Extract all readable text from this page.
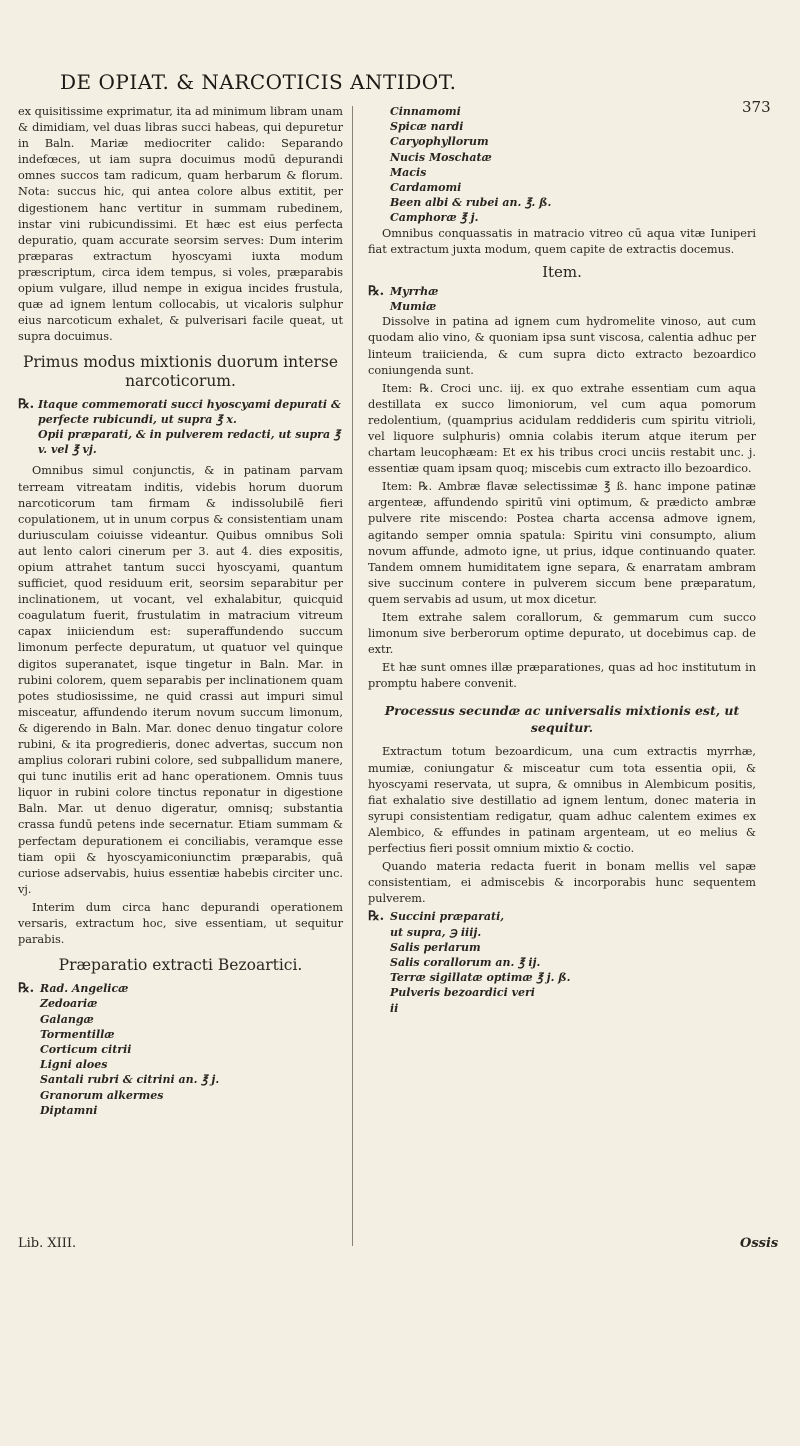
DE OPIAT. & NARCOTICIS ANTIDOT.
373

ex quisitissime exprimatur, ita ad minimum libram unam & dimidiam, vel duas libras succi habeas, qui depuretur in Baln. Mariæ mediocriter calido: Separando indefœces, ut iam supra docuimus modū depurandi omnes succos tam radicum, quam herbarum & florum. Nota: succus hic, qui antea colore albus extitit, per digestionem hanc vertitur in summam rubedinem, instar vini rubicundissimi. Et hæc est eius perfecta depuratio, quam accurate seorsim serves: Dum interim præparas extractum hyoscyami iuxta modum præscriptum, circa idem tempus, si voles, præparabis opium vulgare, illud nempe in exigua incides frustula, quæ ad ignem lentum collocabis, ut vicaloris sulphur eius narcoticum exhalet, & pulverisari facile queat, ut supra docuimus.

Primus modus mixtionis duorum interse narcoticorum.
℞. Itaque commemorati succi hyoscyami depurati & perfecte rubicundi, ut supra ℥ x.
Opii præparati, & in pulverem redacti, ut supra ℥ v. vel ℥ vj.

Omnibus simul conjunctis, & in patinam parvam terream vitreatam inditis, videbis horum duorum narcoticorum tam firmam & indissolubilē fieri copulationem, ut in unum corpus & consistentiam unam duriusculam coiuisse videantur. Quibus omnibus Soli aut lento calori cinerum per 3. aut 4. dies expositis, opium attrahet tantum succi hyoscyami, quantum sufficiet, quod residuum erit, seorsim separabitur per inclinationem, ut vocant, vel exhalabitur, quicquid coagulatum fuerit, frustulatim in matracium vitreum capax iniiciendum est: superaffundendo succum limonum perfecte depuratum, ut quatuor vel quinque digitos superanatet, isque tingetur in Baln. Mar. in rubini colorem, quem separabis per inclinationem quam potes studiosissime, ne quid crassi aut impuri simul misceatur, affundendo iterum novum succum limonum, & digerendo in Baln. Mar. donec denuo tingatur colore rubini, & ita progredieris, donec advertas, succum non amplius colorari rubini colore, sed subpallidum manere, qui tunc inutilis erit ad hanc operationem. Omnis tuus liquor in rubini colore tinctus reponatur in digestione Baln. Mar. ut denuo digeratur, omnisq; substantia crassa fundū petens inde secernatur. Etiam summam & perfectam depurationem ei conciliabis, veramque esse tiam opii & hyoscyamiconiunctim præparabis, quā curiose adservabis, huius essentiæ habebis circiter unc. vj.

Interim dum circa hanc depurandi operationem versaris, extractum hoc, sive essentiam, ut sequitur parabis.

Præparatio extracti Bezoartici.
℞. Rad. Angelicæ
Zedoariæ
Galangæ
Tormentillæ
Corticum citrii
Ligni aloes
Santali rubri & citrini an. ℥ j.
Granorum alkermes
Diptamni
Cinnamomi
Spicæ nardi
Caryophyllorum
Nucis Moschatæ
Macis
Cardamomi
Been albi & rubei an. ℥. ß.
Camphoræ ℥ j.

Omnibus conquassatis in matracio vitreo cū aqua vitæ Iuniperi fiat extractum juxta modum, quem capite de extractis docemus.

Item.
℞. Myrrhæ
Mumiæ

Dissolve in patina ad ignem cum hydromelite vinoso, aut cum quodam alio vino, & quoniam ipsa sunt viscosa, calentia adhuc per linteum traiicienda, & cum supra dicto extracto bezoardico coniungenda sunt.

Item: ℞. Croci unc. iij. ex quo extrahe essentiam cum aqua destillata ex succo limoniorum, vel cum aqua pomorum redolentium, (quamprius acidulam reddideris cum spiritu vitrioli, vel liquore sulphuris) omnia colabis iterum atque iterum per chartam leucophæam: Et ex his tribus croci unciis restabit unc. j. essentiæ quam ipsam quoq; miscebis cum extracto illo bezoardico.

Item: ℞. Ambræ flavæ selectissimæ ℥ ß. hanc impone patinæ argenteæ, affundendo spiritū vini optimum, & prædicto ambræ pulvere rite miscendo: Postea charta accensa admove ignem, agitando semper omnia spatula: Spiritu vini consumpto, alium novum affunde, admoto igne, ut prius, idque continuando quater. Tandem omnem humiditatem igne separa, & enarratam ambram sive succinum contere in pulverem siccum bene præparatum, quem servabis ad usum, ut mox dicetur.

Item extrahe salem corallorum, & gemmarum cum succo limonum sive berberorum optime depurato, ut docebimus cap. de extr.

Et hæ sunt omnes illæ præparationes, quas ad hoc institutum in promptu habere convenit.

Processus secundæ ac universalis mixtionis est, ut sequitur.

Extractum totum bezoardicum, una cum extractis myrrhæ, mumiæ, coniungatur & misceatur cum tota essentia opii, & hyoscyami reservata, ut supra, & omnibus in Alembicum positis, fiat exhalatio sive destillatio ad ignem lentum, donec materia in syrupi consistentiam redigatur, quam adhuc calentem eximes ex Alembico, & effundes in patinam argenteam, ut eo melius & perfectius fieri possit omnium mixtio & coctio.

Quando materia redacta fuerit in bonam mellis vel sapæ consistentiam, ei admiscebis & incorporabis hunc sequentem pulverem.

℞. Succini præparati,
ut supra, ℈ iiij.
Salis perlarum
Salis corallorum an. ℥ ij.
Terræ sigillatæ optimæ ℥ j. ß.
Pulveris bezoardici veri
ii
Lib. XIII.	Ossis
